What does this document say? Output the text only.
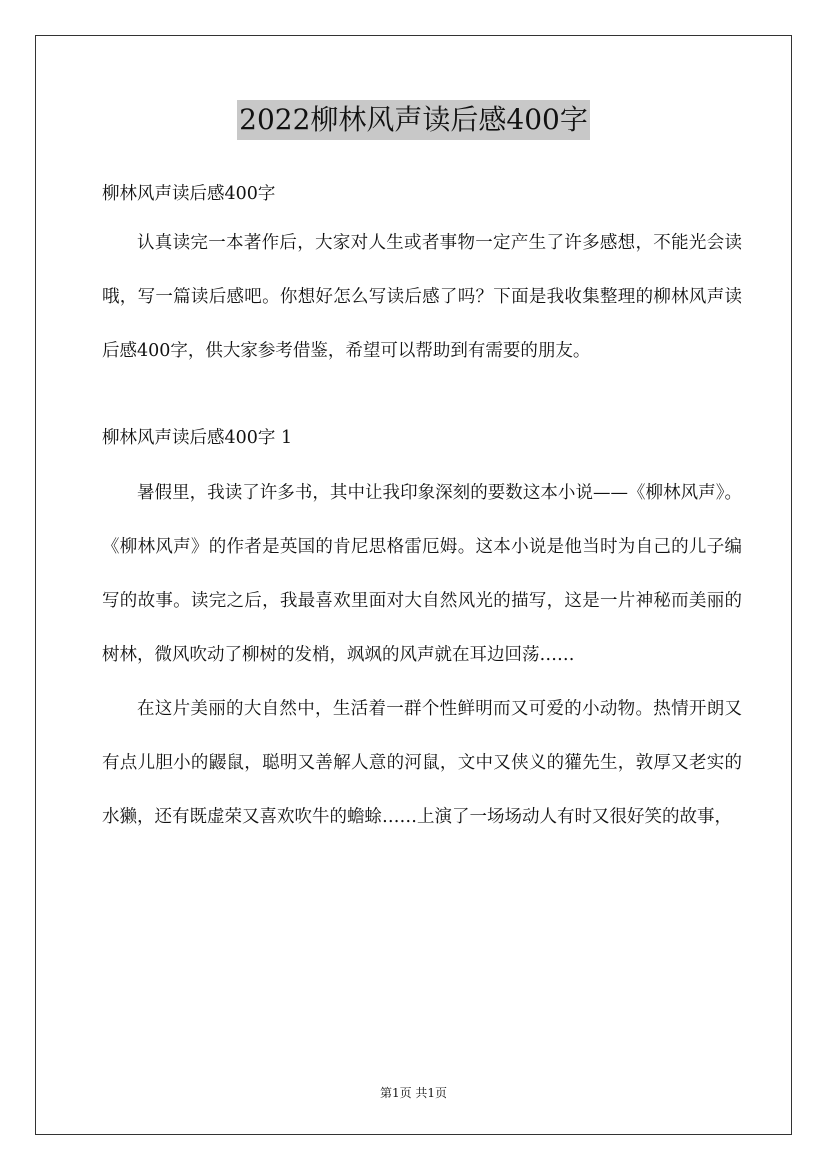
2022柳林风声读后感400字

柳林风声读后感400字

认真读完一本著作后，大家对人生或者事物一定产生了许多感想，不能光会读哦，写一篇读后感吧。你想好怎么写读后感了吗？下面是我收集整理的柳林风声读后感400字，供大家参考借鉴，希望可以帮助到有需要的朋友。

柳林风声读后感400字 1

暑假里，我读了许多书，其中让我印象深刻的要数这本小说——《柳林风声》。《柳林风声》的作者是英国的肯尼思格雷厄姆。这本小说是他当时为自己的儿子编写的故事。读完之后，我最喜欢里面对大自然风光的描写，这是一片神秘而美丽的树林，微风吹动了柳树的发梢，飒飒的风声就在耳边回荡……

在这片美丽的大自然中，生活着一群个性鲜明而又可爱的小动物。热情开朗又有点儿胆小的鼹鼠，聪明又善解人意的河鼠，文中又侠义的獾先生，敦厚又老实的水獭，还有既虚荣又喜欢吹牛的蟾蜍……上演了一场场动人有时又很好笑的故事，

第1页 共1页
